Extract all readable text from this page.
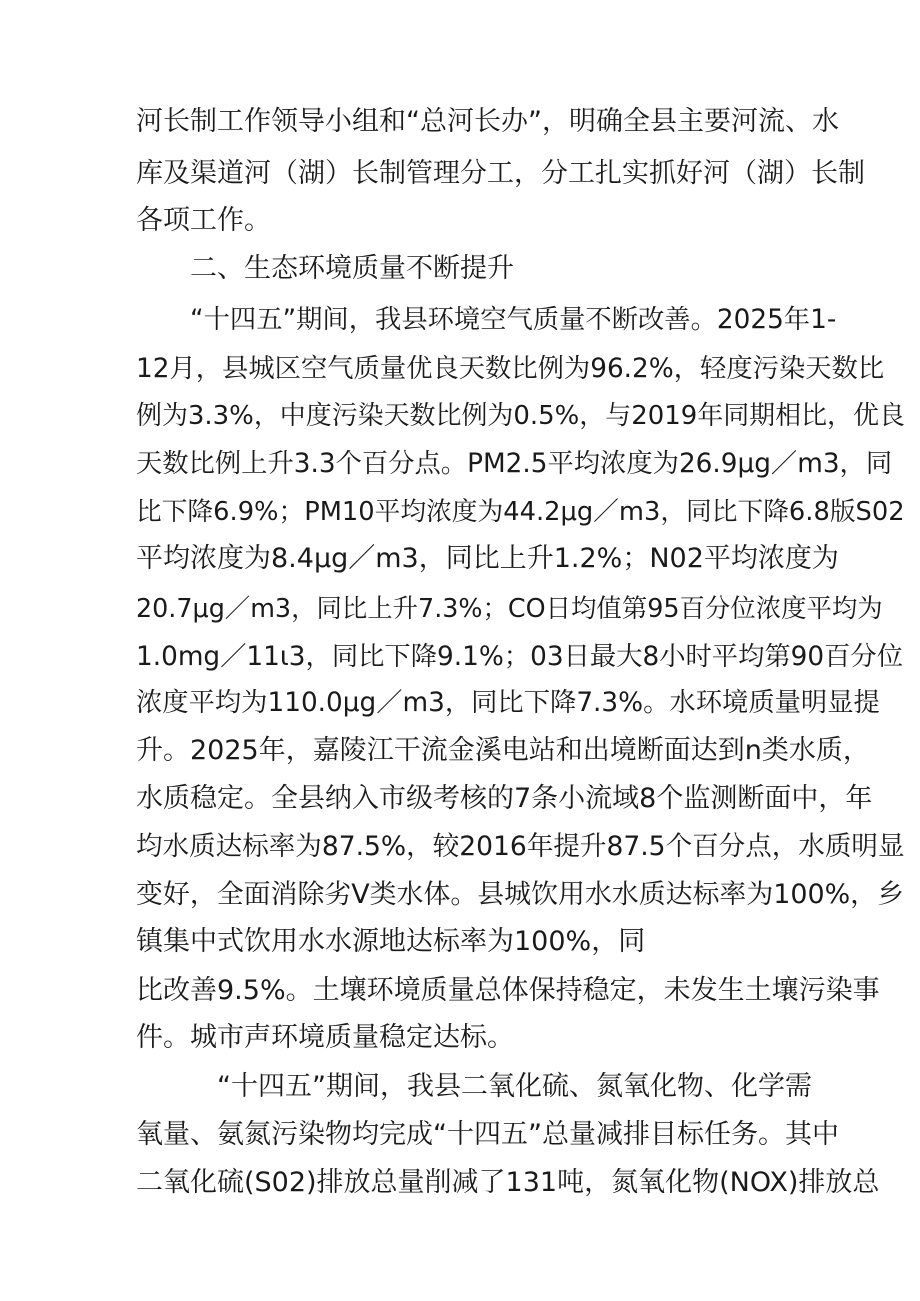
河长制工作领导小组和“总河长办”，明确全县主要河流、水

库及渠道河（湖）长制管理分工，分工扎实抓好河（湖）长制

各项工作。

二、生态环境质量不断提升

“十四五”期间，我县环境空气质量不断改善。2025年1-

12月，县城区空气质量优良天数比例为96.2%，轻度污染天数比

例为3.3%，中度污染天数比例为0.5%，与2019年同期相比，优良

天数比例上升3.3个百分点。PM2.5平均浓度为26.9μg／m3，同

比下降6.9%；PM10平均浓度为44.2μg／m3，同比下降6.8版S02

平均浓度为8.4μg／m3，同比上升1.2%；N02平均浓度为

20.7μg／m3，同比上升7.3%；CO日均值第95百分位浓度平均为

1.0mg／11ι3，同比下降9.1%；03日最大8小时平均第90百分位

浓度平均为110.0μg／m3，同比下降7.3%。水环境质量明显提

升。2025年，嘉陵江干流金溪电站和出境断面达到n类水质，

水质稳定。全县纳入市级考核的7条小流域8个监测断面中，年

均水质达标率为87.5%，较2016年提升87.5个百分点，水质明显

变好，全面消除劣V类水体。县城饮用水水质达标率为100%，乡

镇集中式饮用水水源地达标率为100%，同

比改善9.5%。土壤环境质量总体保持稳定，未发生土壤污染事

件。城市声环境质量稳定达标。

“十四五”期间，我县二氧化硫、氮氧化物、化学需

氧量、氨氮污染物均完成“十四五”总量减排目标任务。其中

二氧化硫(S02)排放总量削减了131吨，氮氧化物(NOX)排放总
